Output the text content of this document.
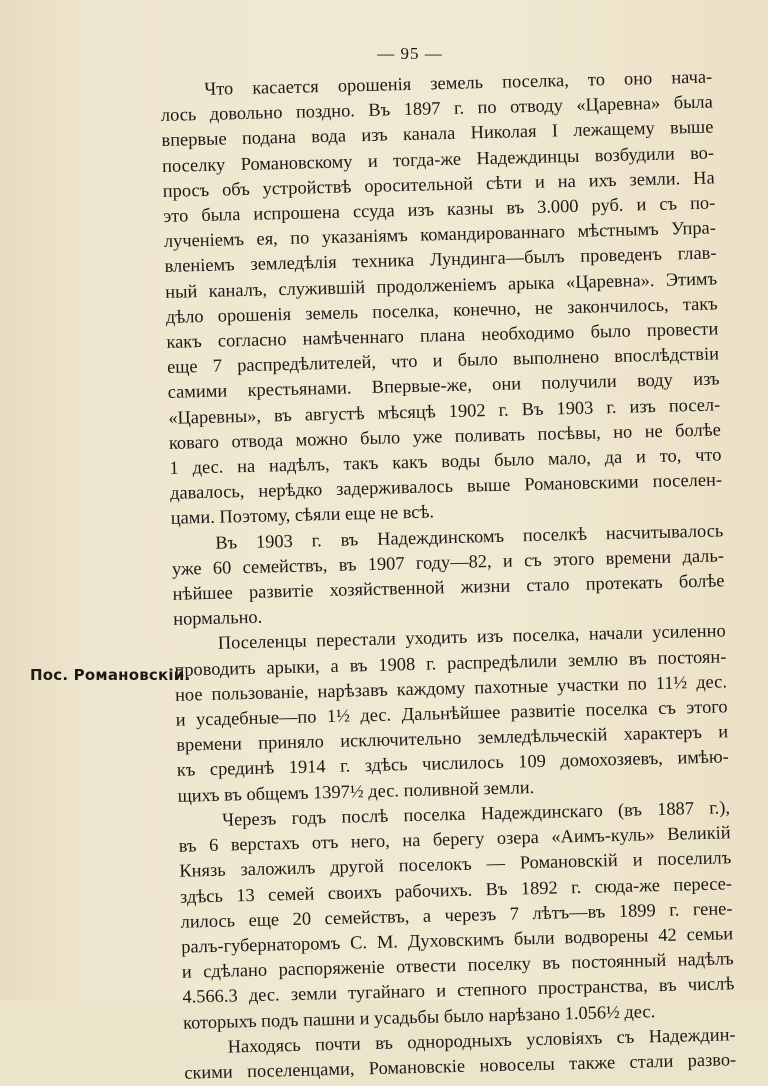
— 95 —
Пос. Романовскій.
Что касается орошенія земель поселка, то оно нача-
лось довольно поздно. Въ 1897 г. по отводу «Царевна» была
впервые подана вода изъ канала Николая I лежащему выше
поселку Романовскому и тогда-же Надеждинцы возбудили во-
просъ объ устройствѣ оросительной сѣти и на ихъ земли. На
это была испрошена ссуда изъ казны въ 3.000 руб. и съ по-
лученіемъ ея, по указаніямъ командированнаго мѣстнымъ Упра-
вленіемъ земледѣлія техника Лундинга—былъ проведенъ глав-
ный каналъ, служившій продолженіемъ арыка «Царевна». Этимъ
дѣло орошенія земель поселка, конечно, не закончилось, такъ
какъ согласно намѣченнаго плана необходимо было провести
еще 7 распредѣлителей, что и было выполнено впослѣдствіи
самими крестьянами. Впервые-же, они получили воду изъ
«Царевны», въ августѣ мѣсяцѣ 1902 г. Въ 1903 г. изъ посел-
коваго отвода можно было уже поливать посѣвы, но не болѣе
1 дес. на надѣлъ, такъ какъ воды было мало, да и то, что
давалось, нерѣдко задерживалось выше Романовскими поселен-
цами. Поэтому, сѣяли еще не всѣ.
Въ 1903 г. въ Надеждинскомъ поселкѣ насчитывалось
уже 60 семействъ, въ 1907 году—82, и съ этого времени даль-
нѣйшее развитіе хозяйственной жизни стало протекать болѣе
нормально.
Поселенцы перестали уходить изъ поселка, начали усиленно
проводить арыки, а въ 1908 г. распредѣлили землю въ постоян-
ное пользованіе, нарѣзавъ каждому пахотные участки по 11½ дес.
и усадебные—по 1½ дес. Дальнѣйшее развитіе поселка съ этого
времени приняло исключительно земледѣльческій характеръ и
къ срединѣ 1914 г. здѣсь числилось 109 домохозяевъ, имѣю-
щихъ въ общемъ 1397½ дес. поливной земли.
Черезъ годъ послѣ поселка Надеждинскаго (въ 1887 г.),
въ 6 верстахъ отъ него, на берегу озера «Аимъ-куль» Великій
Князь заложилъ другой поселокъ — Романовскій и поселилъ
здѣсь 13 семей своихъ рабочихъ. Въ 1892 г. сюда-же пересе-
лилось еще 20 семействъ, а черезъ 7 лѣтъ—въ 1899 г. гене-
ралъ-губернаторомъ С. М. Духовскимъ были водворены 42 семьи
и сдѣлано распоряженіе отвести поселку въ постоянный надѣлъ
4.566.3 дес. земли тугайнаго и степного пространства, въ числѣ
которыхъ подъ пашни и усадьбы было нарѣзано 1.056½ дес.
Находясь почти въ однородныхъ условіяхъ съ Надеждин-
скими поселенцами, Романовскіе новоселы также стали разво-
